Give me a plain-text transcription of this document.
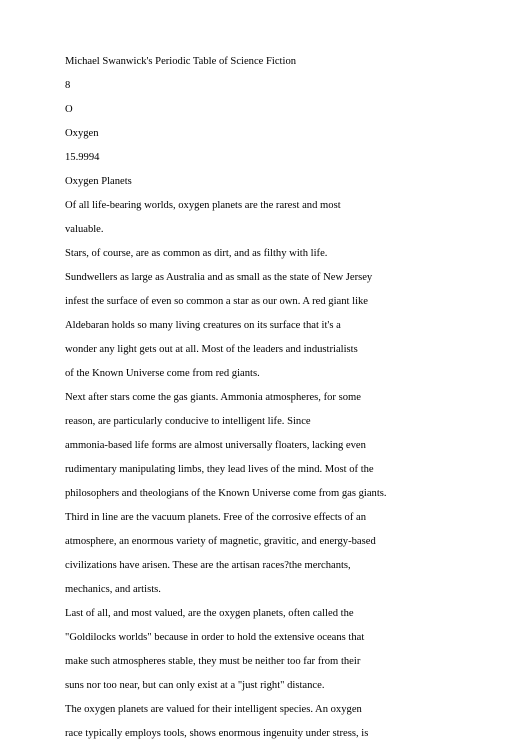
Michael Swanwick's Periodic Table of Science Fiction
8
O
Oxygen
15.9994
Oxygen Planets
Of all life-bearing worlds, oxygen planets are the rarest and most
valuable.
Stars, of course, are as common as dirt, and as filthy with life.
Sundwellers as large as Australia and as small as the state of New Jersey
infest the surface of even so common a star as our own. A red giant like
Aldebaran holds so many living creatures on its surface that it's a
wonder any light gets out at all. Most of the leaders and industrialists
of the Known Universe come from red giants.
Next after stars come the gas giants. Ammonia atmospheres, for some
reason, are particularly conducive to intelligent life. Since
ammonia-based life forms are almost universally floaters, lacking even
rudimentary manipulating limbs, they lead lives of the mind. Most of the
philosophers and theologians of the Known Universe come from gas giants.
Third in line are the vacuum planets. Free of the corrosive effects of an
atmosphere, an enormous variety of magnetic, gravitic, and energy-based
civilizations have arisen. These are the artisan races?the merchants,
mechanics, and artists.
Last of all, and most valued, are the oxygen planets, often called the
"Goldilocks worlds" because in order to hold the extensive oceans that
make such atmospheres stable, they must be neither too far from their
suns nor too near, but can only exist at a "just right" distance.
The oxygen planets are valued for their intelligent species. An oxygen
race typically employs tools, shows enormous ingenuity under stress, is
